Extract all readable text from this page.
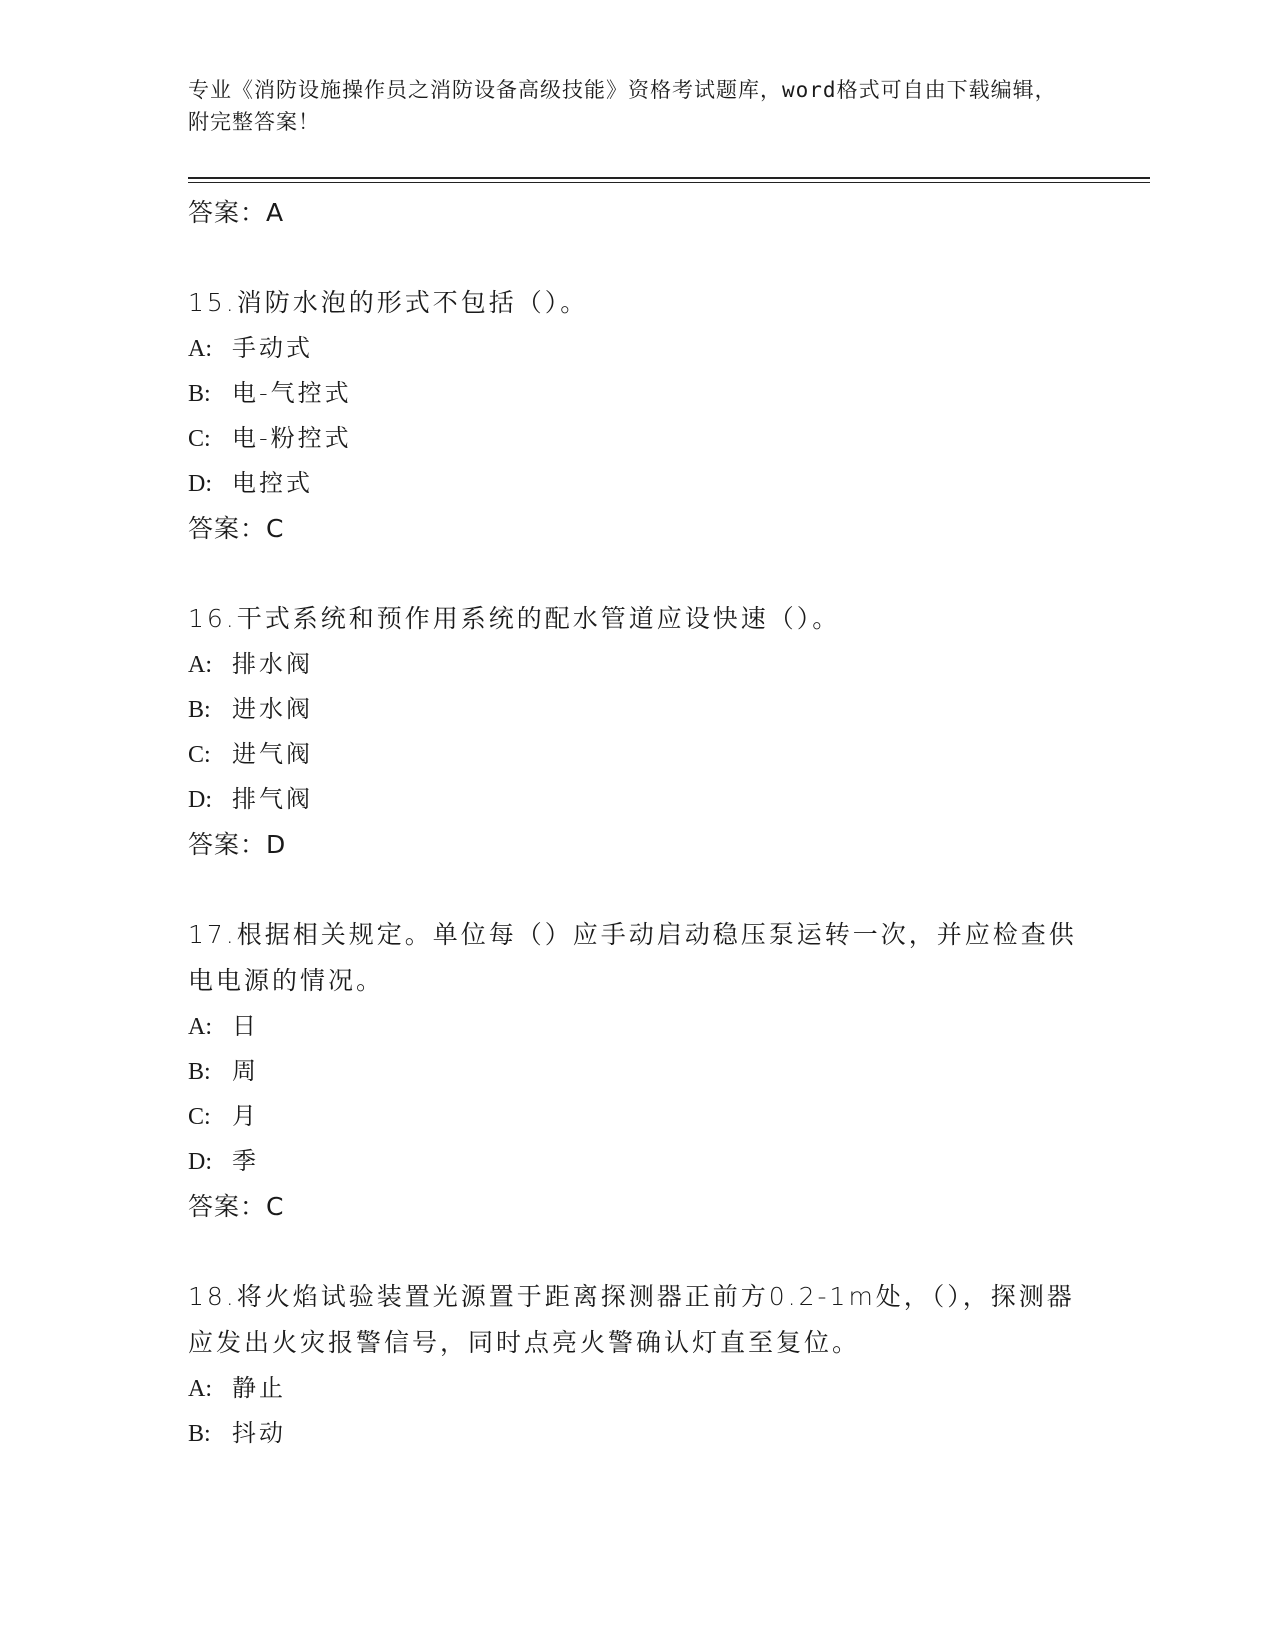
专业《消防设施操作员之消防设备高级技能》资格考试题库，word格式可自由下载编辑，附完整答案！
答案：A
15.消防水泡的形式不包括（）。
A: 手动式
B: 电-气控式
C: 电-粉控式
D: 电控式
答案：C
16.干式系统和预作用系统的配水管道应设快速（）。
A: 排水阀
B: 进水阀
C: 进气阀
D: 排气阀
答案：D
17.根据相关规定。单位每（）应手动启动稳压泵运转一次，并应检查供电电源的情况。
A: 日
B: 周
C: 月
D: 季
答案：C
18.将火焰试验装置光源置于距离探测器正前方0.2-1m处，（），探测器应发出火灾报警信号，同时点亮火警确认灯直至复位。
A: 静止
B: 抖动
